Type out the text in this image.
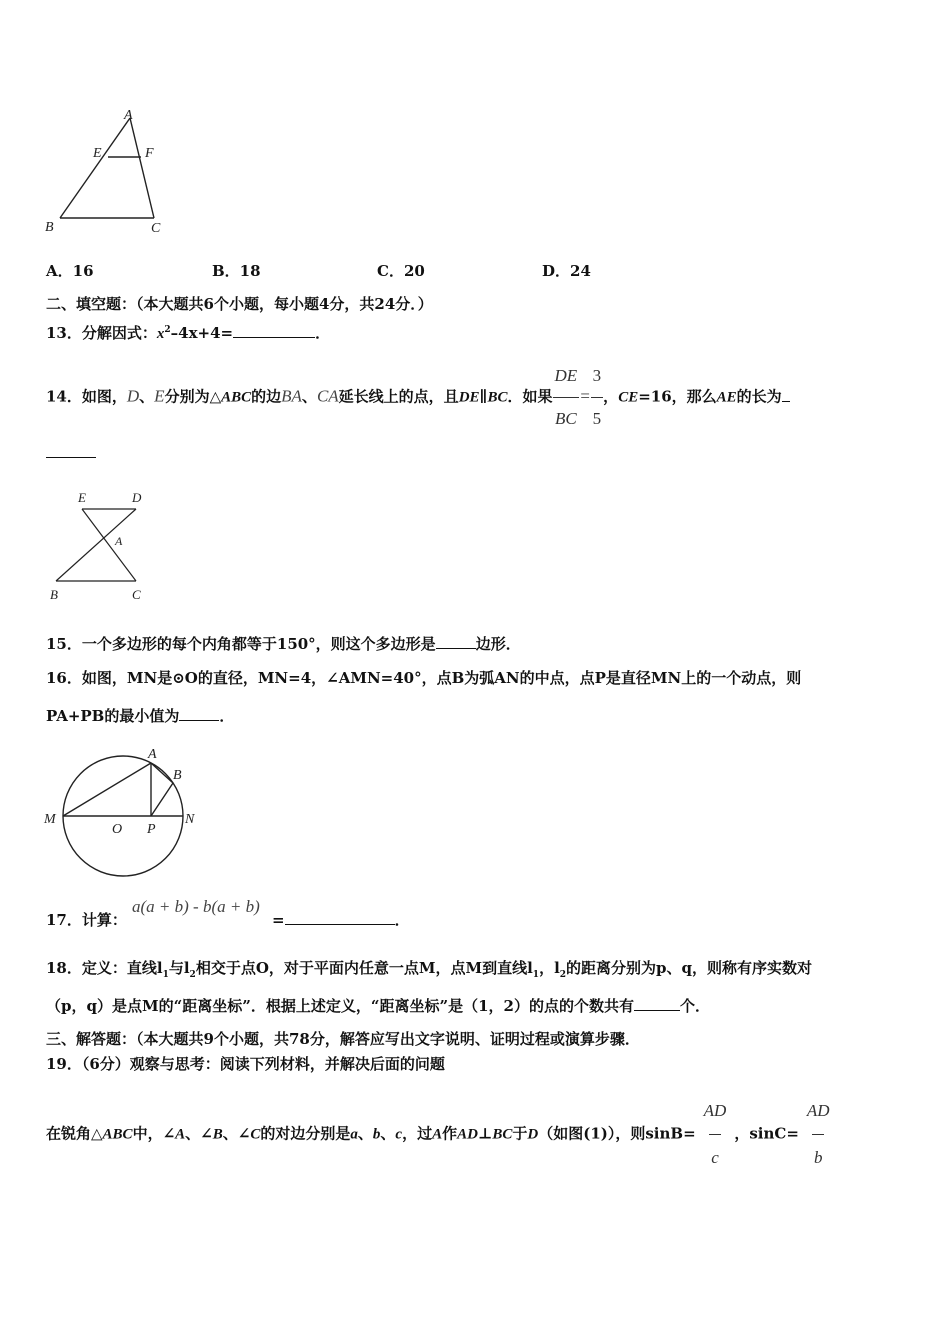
A
E	F
B	C
A．16	B．18	C．20	D．24
二、填空题：（本大题共6个小题，每小题4分，共24分．）
13．分解因式：$x^2-4x+4=$	．
14．如图，D、E分别为△ABC的边BA、CA延长线上的点，且DE∥BC．如果 $\frac{DE}{BC} = \frac{3}{5}$ ，CE=16，那么AE的长为
E	D
A
B	C
15．一个多边形的每个内角都等于150°，则这个多边形是	边形．
16．如图，MN是⊙O的直径，MN=4，∠AMN=40°，点B为弧AN的中点，点P是直径MN上的一个动点，则
PA+PB的最小值为	．
A
B
M
O P
N
17．计算：
a(a + b) - b(a + b)
=	．
18．定义：直线$l_1$与$l_2$相交于点O，对于平面内任意一点M，点M到直线$l_1$，$l_2$的距离分别为p、q，则称有序实数对
（p，q）是点M的“距离坐标”．根据上述定义，“距离坐标”是（1，2）的点的个数共有	个．
三、解答题：（本大题共9个小题，共78分，解答应写出文字说明、证明过程或演算步骤．
19．（6分）观察与思考：阅读下列材料，并解决后面的问题
在锐角△ABC中，∠A、∠B、∠C的对边分别是a、b、c，过A作AD⊥BC于D（如图(1)），则$\sin B= \frac{AD}{c}$ ，$\sin C= \frac{AD}{b}$
